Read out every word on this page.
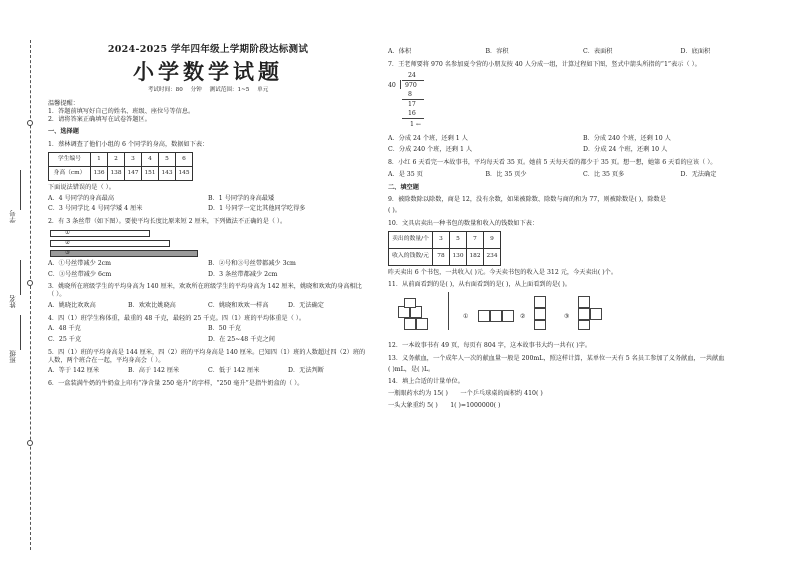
学号
姓名
班级
2024-2025 学年四年级上学期阶段达标测试
小学数学试题
考试时间：80 分钟 测试范围：1~5 单元
温馨提醒：
1．答题前填写好自己的姓名、班级、座位号等信息。
2．请将答案正确填写在试卷答题区。
一、选择题
1．蔡林调查了他们小组的 6 个同学的身高，数据如下表：
学生编号	1	2	3	4	5	6
身高（cm）	136	138	147	151	143	145
下面说法错误的是（ ）。
A．4 号同学的身高最高	B．1 号同学的身高最矮
C．3 号同学比 4 号同学矮 4 厘米	D．1 号同学一定比其他同学吃得多
2．有 3 条丝带（如下图）。要使平均长度比原来短 2 厘米，下列做法不正确的是（ ）。
①
②
③
A．①号丝带减少 2cm	B．②号和③号丝带都减少 3cm
C．③号丝带减少 6cm	D．3 条丝带都减少 2cm
3．姚晓所在班级学生的平均身高为 140 厘米，欢欢所在班级学生的平均身高为 142 厘米，姚晓和欢欢的身高相比（ ）。
A．姚晓比欢欢高	B．欢欢比姚晓高	C．姚晓和欢欢一样高	D．无法确定
4．四（1）班学生称体重，最重的 48 千克，最轻的 25 千克。四（1）班的平均体重是（ ）。
A．48 千克	B．50 千克
C．25 千克	D．在 25~48 千克之间
5．四（1）班的平均身高是 144 厘米，四（2）班的平均身高是 140 厘米。已知四（1）班的人数超过四（2）班的人数，两个班合在一起，平均身高会（ ）。
A．等于 142 厘米	B．高于 142 厘米	C．低于 142 厘米	D．无法判断
6．一盒装满牛奶的牛奶盒上印有“净含量 250 毫升”的字样，“250 毫升”是指牛奶盒的（ ）。
A．体积	B．容积	C．表面积	D．底面积
7．王老师要将 970 名参加夏令营的小朋友按 40 人分成一组，计算过程如下图，竖式中箭头所指的“1”表示（ ）。
24
40 970
8
17
16
1 ←
A．分成 24 个班，还剩 1 人	B．分成 240 个班，还剩 10 人
C．分成 240 个班，还剩 1 人	D．分成 24 个班，还剩 10 人
8．小红 6 天看完一本故事书，平均每天看 35 页。她前 5 天每天看的都少于 35 页。想一想，她第 6 天看的应该（ ）。
A．是 35 页	B．比 35 页少	C．比 35 页多	D．无法确定
二、填空题
9．被除数除以除数，商是 12，没有余数，如果被除数、除数与商的和为 77，则被除数是( )，除数是
( )。
10．文具店卖出一种书包的数量和收入的钱数如下表：
卖出的数量/个	3	5	7	9
收入的钱数/元	78	130	182	234
昨天卖出 6 个书包，一共收入( )元。今天卖书包的收入是 312 元，今天卖出( )个。
11．从前面看到的是( )，从右面看到的是( )，从上面看到的是( )。
①	②	③
12．一本故事书有 49 页，每页有 804 字，这本故事书大约一共有( )字。
13．义务献血，一个成年人一次的献血量一般是 200mL，照这样计算，某单位一天有 5 名员工参加了义务献血，一共献血
( )mL，是( )L。
14．填上合适的计量单位。
一瓶眼药水约为 15( )　　一个乒乓球桌的面积约 410( )
一头大象重约 5( )　　1( )=1000000( )
